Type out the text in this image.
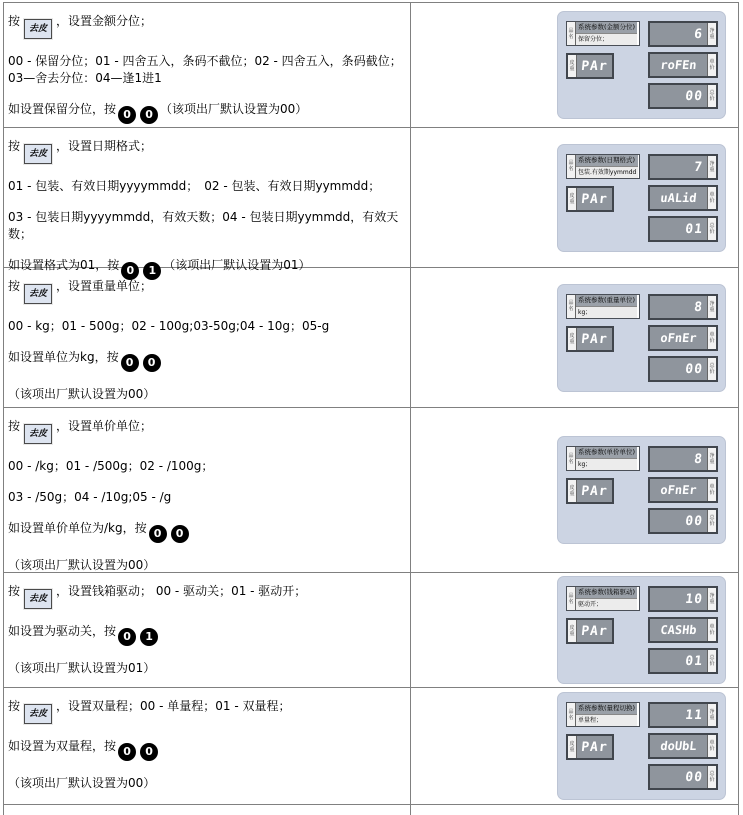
按去皮，设置金额分位；
00 - 保留分位；01 - 四舍五入，条码不截位；02 - 四舍五入，条码截位；03—舍去分位：04—逢1进1
如设置保留分位，按 0 0 （该项出厂默认设置为00）
品
名
系统参数(金额分位)
保留分位；
皮
重 PAr
6	净
重
roFEn	单
价
00	总
价
按去皮，设置日期格式；
01 - 包装、有效日期yyyymmdd；　02 - 包装、有效日期yymmdd；
03 - 包装日期yyyymmdd，有效天数；04 - 包装日期yymmdd，有效天数；
如设置格式为01，按 0 1 （该项出厂默认设置为01）
品
名
系统参数(日期格式)
包装.有效期yymmdd
皮
重 PAr
7	净
重
uALid	单
价
01	总
价
按去皮，设置重量单位；
00 - kg；01 - 500g；02 - 100g;03-50g;04 - 10g；05-g
如设置单位为kg，按 0 0
（该项出厂默认设置为00）
品
名
系统参数(重量单位)
kg；
皮
重 PAr
8	净
重
oFnEr	单
价
00	总
价
按去皮，设置单价单位；
00 - /kg；01 - /500g；02 - /100g；
03 - /50g；04 - /10g;05 - /g
如设置单价单位为/kg，按 0 0
（该项出厂默认设置为00）
品
名
系统参数(单价单位)
kg；
皮
重 PAr
8	净
重
oFnEr	单
价
00	总
价
按去皮，设置钱箱驱动； 00 - 驱动关；01 - 驱动开；
如设置为驱动关，按 0 1
（该项出厂默认设置为01）
品
名
系统参数(钱箱驱动)
驱动开；
皮
重 PAr
10	净
重
CASHb	单
价
01	总
价
按去皮，设置双量程；00 - 单量程；01 - 双量程；
如设置为双量程，按 0 0
（该项出厂默认设置为00）
品
名
系统参数(量程切换)
单量程；
皮
重 PAr
11	净
重
doUbL	单
价
00	总
价
